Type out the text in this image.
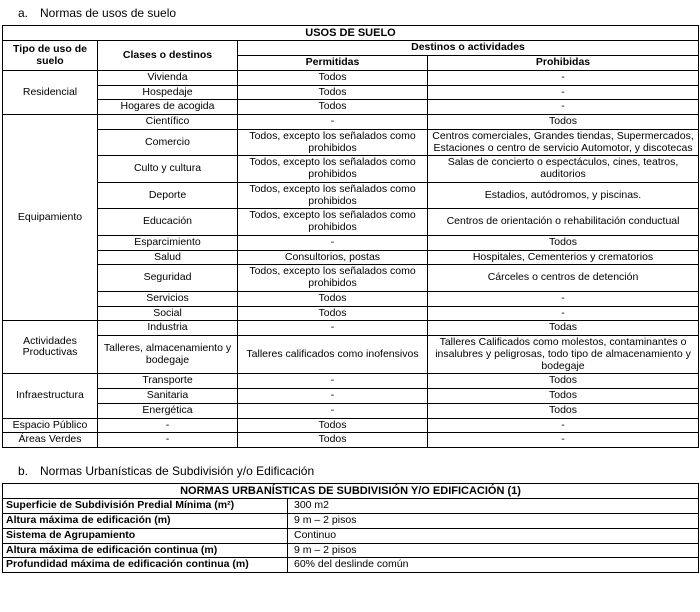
a. Normas de usos de suelo
USOS DE SUELO			
Tipo de uso de suelo	Clases o destinos	Destinos o actividades	
		Permitidas	Prohibidas
Residencial	Vivienda	Todos	-
	Hospedaje	Todos	-
	Hogares de acogida	Todos	-
Equipamiento	Científico	-	Todos
	Comercio	Todos, excepto los señalados como prohibidos	Centros comerciales, Grandes tiendas, Supermercados, Estaciones o centro de servicio Automotor, y discotecas
	Culto y cultura	Todos, excepto los señalados como prohibidos	Salas de concierto o espectáculos, cines, teatros, auditorios
	Deporte	Todos, excepto los señalados como prohibidos	Estadios, autódromos, y piscinas.
	Educación	Todos, excepto los señalados como prohibidos	Centros de orientación o rehabilitación conductual
	Esparcimiento	-	Todos
	Salud	Consultorios, postas	Hospitales, Cementerios y crematorios
	Seguridad	Todos, excepto los señalados como prohibidos	Cárceles o centros de detención
	Servicios	Todos	-
	Social	Todos	-
Actividades Productivas	Industria	-	Todas
	Talleres, almacenamiento y bodegaje	Talleres calificados como inofensivos	Talleres Calificados como molestos, contaminantes o insalubres y peligrosas, todo tipo de almacenamiento y bodegaje
Infraestructura	Transporte	-	Todos
	Sanitaria	-	Todos
	Energética	-	Todos
Espacio Público	-	Todos	-
Áreas Verdes	-	Todos	-
b. Normas Urbanísticas de Subdivisión y/o Edificación
NORMAS URBANÍSTICAS DE SUBDIVISIÓN Y/O EDIFICACIÓN (1)	
Superficie de Subdivisión Predial Mínima (m²)	300 m2
Altura máxima de edificación (m)	9 m – 2 pisos
Sistema de Agrupamiento	Continuo
Altura máxima de edificación continua (m)	9 m – 2 pisos
Profundidad máxima de edificación continua (m)	60% del deslinde común
